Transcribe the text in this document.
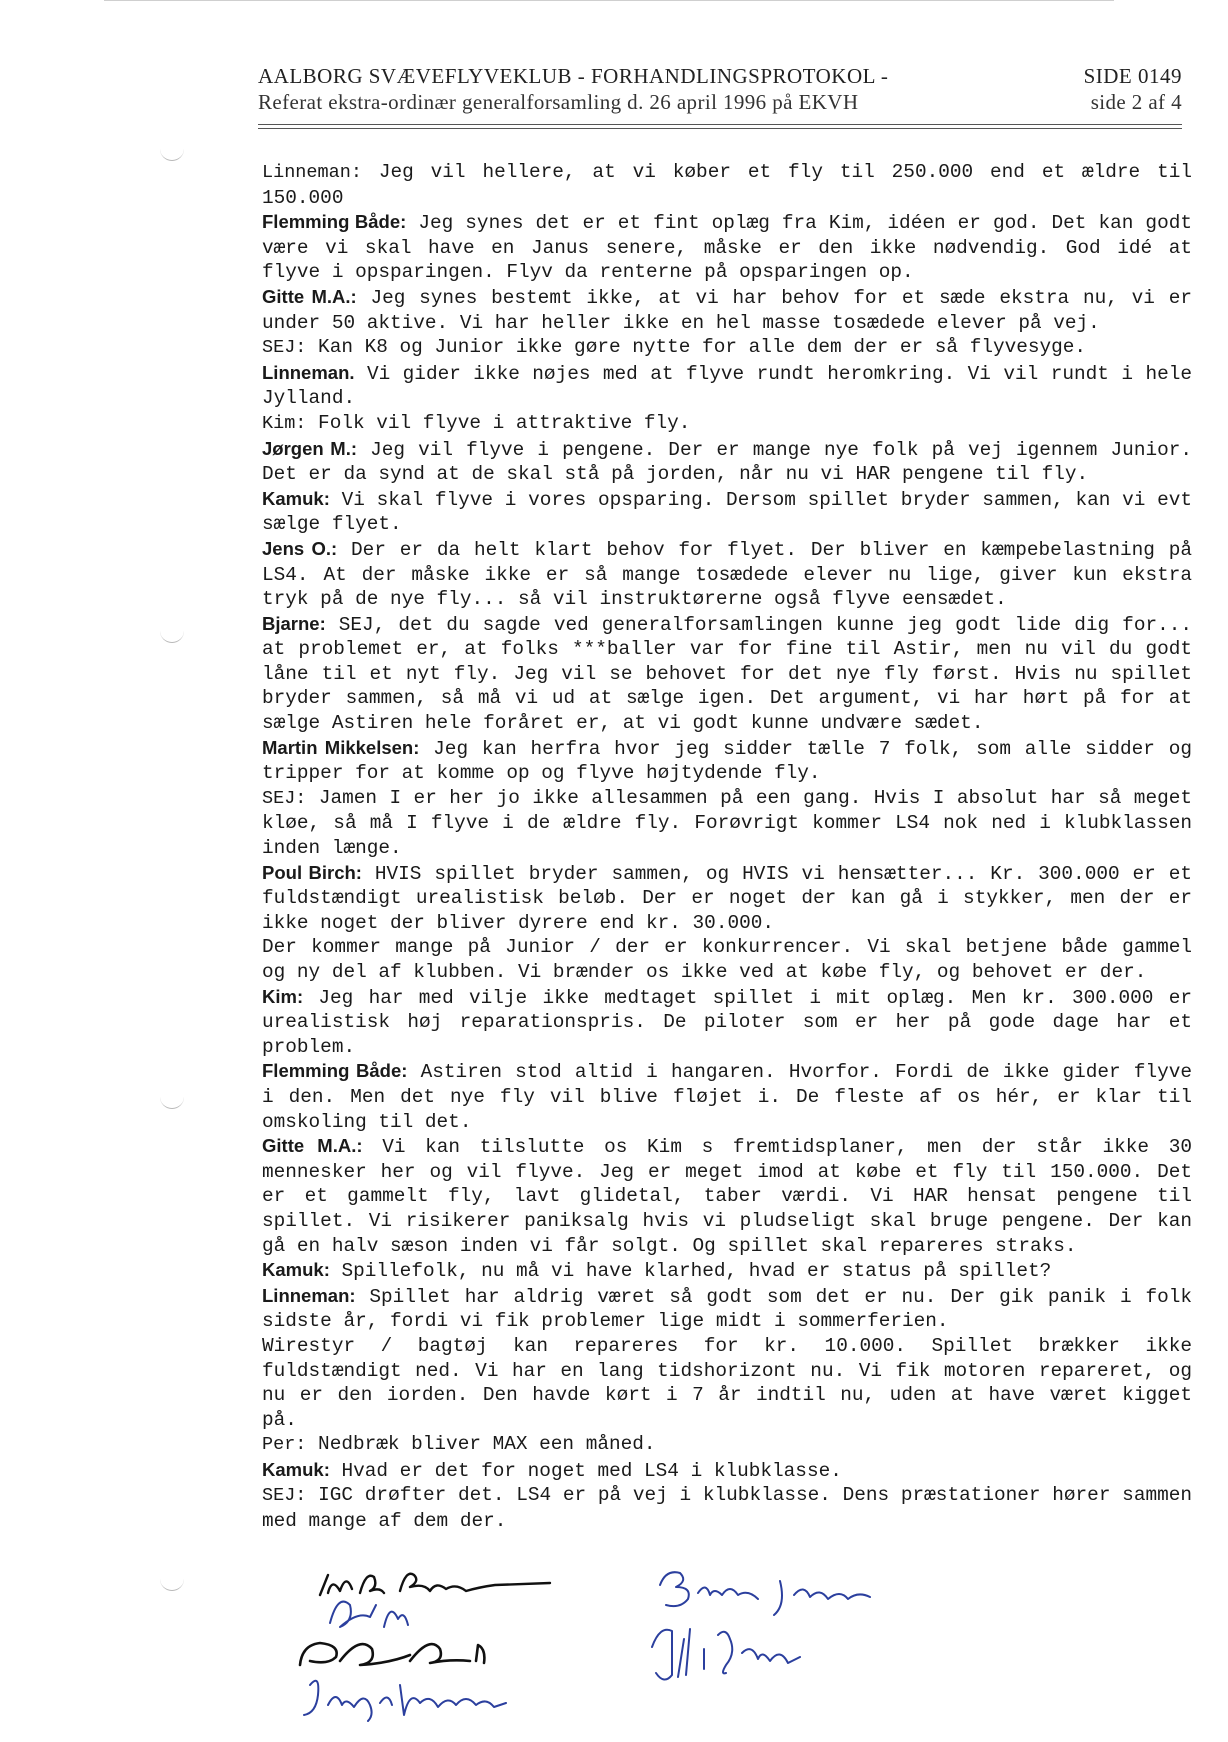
AALBORG SVÆVEFLYVEKLUB - FORHANDLINGSPROTOKOL -	SIDE 0149
Referat ekstra-ordinær generalforsamling d. 26 april 1996 på EKVH	side 2 af 4
Linneman: Jeg vil hellere, at vi køber et fly til 250.000 end et ældre til 150.000
Flemming Både: Jeg synes det er et fint oplæg fra Kim, idéen er god. Det kan godt være vi skal have en Janus senere, måske er den ikke nødvendig. God idé at flyve i opsparingen. Flyv da renterne på opsparingen op.
Gitte M.A.: Jeg synes bestemt ikke, at vi har behov for et sæde ekstra nu, vi er under 50 aktive. Vi har heller ikke en hel masse tosædede elever på vej.
SEJ: Kan K8 og Junior ikke gøre nytte for alle dem der er så flyvesyge.
Linneman. Vi gider ikke nøjes med at flyve rundt heromkring. Vi vil rundt i hele Jylland.
Kim: Folk vil flyve i attraktive fly.
Jørgen M.: Jeg vil flyve i pengene. Der er mange nye folk på vej igennem Junior. Det er da synd at de skal stå på jorden, når nu vi HAR pengene til fly.
Kamuk: Vi skal flyve i vores opsparing. Dersom spillet bryder sammen, kan vi evt sælge flyet.
Jens O.: Der er da helt klart behov for flyet. Der bliver en kæmpebelastning på LS4. At der måske ikke er så mange tosædede elever nu lige, giver kun ekstra tryk på de nye fly... så vil instruktørerne også flyve eensædet.
Bjarne: SEJ, det du sagde ved generalforsamlingen kunne jeg godt lide dig for... at problemet er, at folks ***baller var for fine til Astir, men nu vil du godt låne til et nyt fly. Jeg vil se behovet for det nye fly først. Hvis nu spillet bryder sammen, så må vi ud at sælge igen. Det argument, vi har hørt på for at sælge Astiren hele foråret er, at vi godt kunne undvære sædet.
Martin Mikkelsen: Jeg kan herfra hvor jeg sidder tælle 7 folk, som alle sidder og tripper for at komme op og flyve højtydende fly.
SEJ: Jamen I er her jo ikke allesammen på een gang. Hvis I absolut har så meget kløe, så må I flyve i de ældre fly. Forøvrigt kommer LS4 nok ned i klubklassen inden længe.
Poul Birch: HVIS spillet bryder sammen, og HVIS vi hensætter... Kr. 300.000 er et fuldstændigt urealistisk beløb. Der er noget der kan gå i stykker, men der er ikke noget der bliver dyrere end kr. 30.000.
Der kommer mange på Junior / der er konkurrencer. Vi skal betjene både gammel og ny del af klubben. Vi brænder os ikke ved at købe fly, og behovet er der.
Kim: Jeg har med vilje ikke medtaget spillet i mit oplæg. Men kr. 300.000 er urealistisk høj reparationspris. De piloter som er her på gode dage har et problem.
Flemming Både: Astiren stod altid i hangaren. Hvorfor. Fordi de ikke gider flyve i den. Men det nye fly vil blive fløjet i. De fleste af os hér, er klar til omskoling til det.
Gitte M.A.: Vi kan tilslutte os Kim s fremtidsplaner, men der står ikke 30 mennesker her og vil flyve. Jeg er meget imod at købe et fly til 150.000. Det er et gammelt fly, lavt glidetal, taber værdi. Vi HAR hensat pengene til spillet. Vi risikerer paniksalg hvis vi pludseligt skal bruge pengene. Der kan gå en halv sæson inden vi får solgt. Og spillet skal repareres straks.
Kamuk: Spillefolk, nu må vi have klarhed, hvad er status på spillet?
Linneman: Spillet har aldrig været så godt som det er nu. Der gik panik i folk sidste år, fordi vi fik problemer lige midt i sommerferien.
Wirestyr / bagtøj kan repareres for kr. 10.000. Spillet brækker ikke fuldstændigt ned. Vi har en lang tidshorizont nu. Vi fik motoren repareret, og nu er den iorden. Den havde kørt i 7 år indtil nu, uden at have været kigget på.
Per: Nedbræk bliver MAX een måned.
Kamuk: Hvad er det for noget med LS4 i klubklasse.
SEJ: IGC drøfter det. LS4 er på vej i klubklasse. Dens præstationer hører sammen med mange af dem der.
